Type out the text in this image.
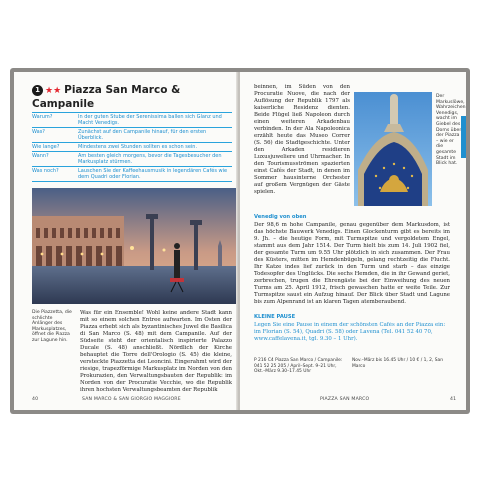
1 ★★ Piazza San Marco &
Campanile
Warum?	In der guten Stube der Serenissima ballen sich Glanz und Macht Venedigs.
Was?	Zunächst auf den Campanile hinauf, für den ersten Überblick.
Wie lange?	Mindestens zwei Stunden sollten es schon sein.
Wann?	Am besten gleich morgens, bevor die Tagesbesucher den Markusplatz stürmen.
Was noch?	Lauschen Sie der Kaffeehausmusik in legendären Cafés wie dem Quadri oder Florian.
Die Piazzetta, die schlichte Anlänger des Markusplatzes, öffnet die Piazza zur Lagune hin.
Was für ein Ensemble! Wohl keine andere Stadt kann mit so einem solchen Entree aufwarten. Im Osten der Piazza erhebt sich als byzantinisches Juwel die Basilica di San Marco (S. 48) mit dem Campanile. Auf der Südseite steht der orientalisch inspirierte Palazzo Ducale (S. 48) anschließt. Nördlich der Kirche behauptet die Torre dell'Orologio (S. 45) die kleine, versteckte Piazzetta dei Leoncini. Eingerahmt wird der riesige, trapezförmige Markusplatz im Norden von den Prokurazien, den Verwaltungsbauten der Republik: im Norden von der Procuratie Vecchie, wo die Republik ihren hochsten Verwaltungsbeamten der Republik
40	SAN MARCO & SAN GIORGIO MAGGIORE
beinnen, im Süden von den Procuratie Nuove, die nach der Auflösung der Republik 1797 als kaiserliche Residenz dienten. Beide Flügel ließ Napoleon durch einen weiteren Arkadenbau verbinden. In der Ala Napoleonica erzählt heute das Museo Correr (S. 56) die Stadtgeschichte. Unter den Arkaden residieren Luxusjuweliere und Uhrmacher. In den Tourismusströmen spazierten einst Cafés der Stadt, in denen im Sommer hausinterne Orchester auf großem Vergnügen der Gäste spielen.
Der Markuslöwe, Wahrzeichen Venedigs, wacht im Giebel des Doms über der Piazza – wie er die gesamte Stadt im Blick hat.
Venedig von oben
Der 98,6 m hohe Campanile, genau gegenüber dem Markusdom, ist das höchste Bauwerk Venedigs. Einen Glockenturm gibt es bereits im 9. Jh. – die heutige Form, mit Turmspitze und vergoldetem Engel, stammt aus dem Jahr 1514. Der Turm hielt bis zum 14. Juli 1902 fiel, der gesamte Turm um 9.55 Uhr plötzlich in sich zusammen. Der Frau des Küsters, mitten im Hemdenbügeln, gelang rechtzeitig die Flucht. Ihr Katze indes lief zurück in den Turm und starb – das einzige Todesopfer des Unglücks. Die sechs Hemden, die in ihr Gewand geriet, zerbrechen, trugen die Ehrengäste bei der Einweihung des neuen Turms am 25. April 1912, frisch gewaschen hatte er weite Teile. Zur Turmspitze saust ein Aufzug hinauf. Der Blick über Stadt und Lagune bis zum Alpenrand ist an klaren Tagen atemberaubend.
KLEINE PAUSE
Legen Sie eine Pause in einem der schönsten Cafés an der Piazza ein: im Florian (S. 54), Quadri (S. 58) oder Lavena (Tel. 041 52 40 70, www.caffelavena.it, tgl. 9.30 – 1 Uhr).
P 216 C4 Piazza San Marco / Campanile: 041 52 25 205 / April–Sept. 9–21 Uhr, Okt.–März 9.30–17.45 Uhr
Nov.–März bis 16.45 Uhr / 10 € / 1, 2, San Marco
PIAZZA SAN MARCO	41
